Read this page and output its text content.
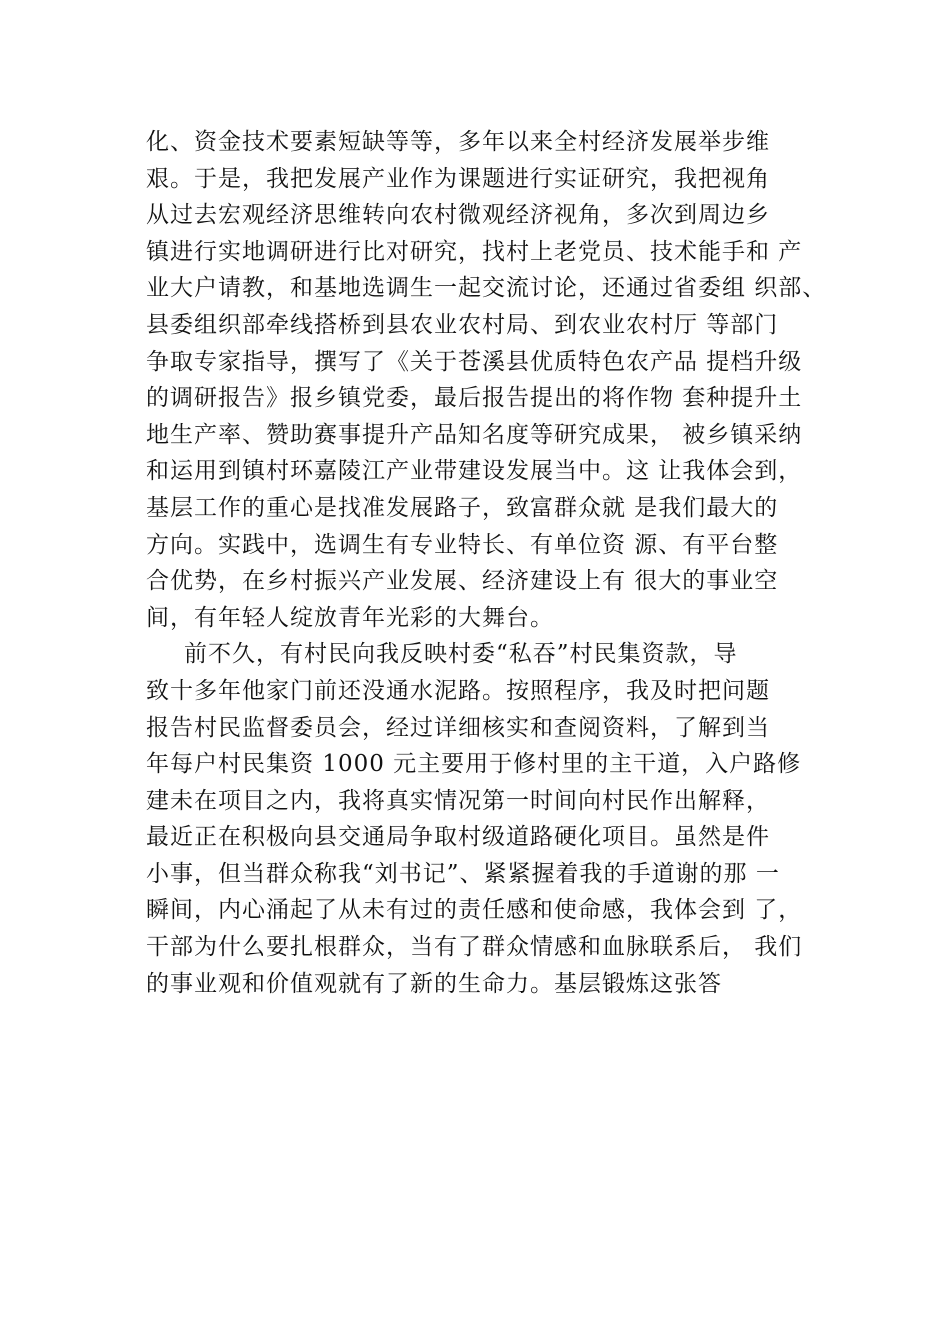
化、资金技术要素短缺等等，多年以来全村经济发展举步维
艰。于是，我把发展产业作为课题进行实证研究，我把视角
从过去宏观经济思维转向农村微观经济视角，多次到周边乡
镇进行实地调研进行比对研究，找村上老党员、技术能手和 产
业大户请教，和基地选调生一起交流讨论，还通过省委组 织部、
县委组织部牵线搭桥到县农业农村局、到农业农村厅 等部门
争取专家指导，撰写了《关于苍溪县优质特色农产品 提档升级
的调研报告》报乡镇党委，最后报告提出的将作物 套种提升土
地生产率、赞助赛事提升产品知名度等研究成果， 被乡镇采纳
和运用到镇村环嘉陵江产业带建设发展当中。这 让我体会到，
基层工作的重心是找准发展路子，致富群众就 是我们最大的
方向。实践中，选调生有专业特长、有单位资 源、有平台整
合优势，在乡村振兴产业发展、经济建设上有 很大的事业空
间，有年轻人绽放青年光彩的大舞台。
前不久，有村民向我反映村委“私吞”村民集资款，导
致十多年他家门前还没通水泥路。按照程序，我及时把问题
报告村民监督委员会，经过详细核实和查阅资料，了解到当
年每户村民集资 1000 元主要用于修村里的主干道，入户路修
建未在项目之内，我将真实情况第一时间向村民作出解释，
最近正在积极向县交通局争取村级道路硬化项目。虽然是件
小事，但当群众称我“刘书记”、紧紧握着我的手道谢的那 一
瞬间，内心涌起了从未有过的责任感和使命感，我体会到 了，
干部为什么要扎根群众，当有了群众情感和血脉联系后， 我们
的事业观和价值观就有了新的生命力。基层锻炼这张答
